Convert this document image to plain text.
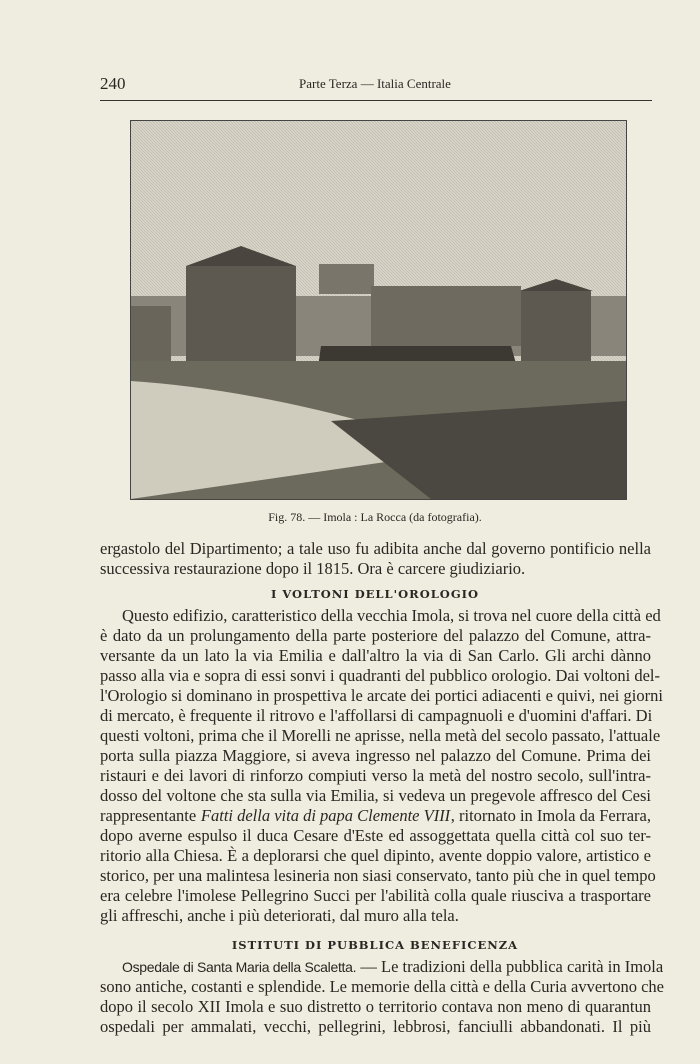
240	Parte Terza — Italia Centrale
Fig. 78. — Imola : La Rocca (da fotografia).
ergastolo del Dipartimento; a tale uso fu adibita anche dal governo pontificio nella
successiva restaurazione dopo il 1815. Ora è carcere giudiziario.
I VOLTONI DELL'OROLOGIO
Questo edifizio, caratteristico della vecchia Imola, si trova nel cuore della città ed
è dato da un prolungamento della parte posteriore del palazzo del Comune, attra-
versante da un lato la via Emilia e dall'altro la via di San Carlo. Gli archi dànno
passo alla via e sopra di essi sonvi i quadranti del pubblico orologio. Dai voltoni del-
l'Orologio si dominano in prospettiva le arcate dei portici adiacenti e quivi, nei giorni
di mercato, è frequente il ritrovo e l'affollarsi di campagnuoli e d'uomini d'affari. Di
questi voltoni, prima che il Morelli ne aprisse, nella metà del secolo passato, l'attuale
porta sulla piazza Maggiore, si aveva ingresso nel palazzo del Comune. Prima dei
ristauri e dei lavori di rinforzo compiuti verso la metà del nostro secolo, sull'intra-
dosso del voltone che sta sulla via Emilia, si vedeva un pregevole affresco del Cesi
rappresentante Fatti della vita di papa Clemente VIII , ritornato in Imola da Ferrara,
dopo averne espulso il duca Cesare d'Este ed assoggettata quella città col suo ter-
ritorio alla Chiesa. È a deplorarsi che quel dipinto, avente doppio valore, artistico e
storico, per una malintesa lesineria non siasi conservato, tanto più che in quel tempo
era celebre l'imolese Pellegrino Succi per l'abilità colla quale riusciva a trasportare
gli affreschi, anche i più deteriorati, dal muro alla tela.
ISTITUTI DI PUBBLICA BENEFICENZA
Ospedale di Santa Maria della Scaletta. — Le tradizioni della pubblica carità in Imola
sono antiche, costanti e splendide. Le memorie della città e della Curia avvertono che
dopo il secolo XII Imola e suo distretto o territorio contava non meno di quarantun
ospedali per ammalati, vecchi, pellegrini, lebbrosi, fanciulli abbandonati. Il più
